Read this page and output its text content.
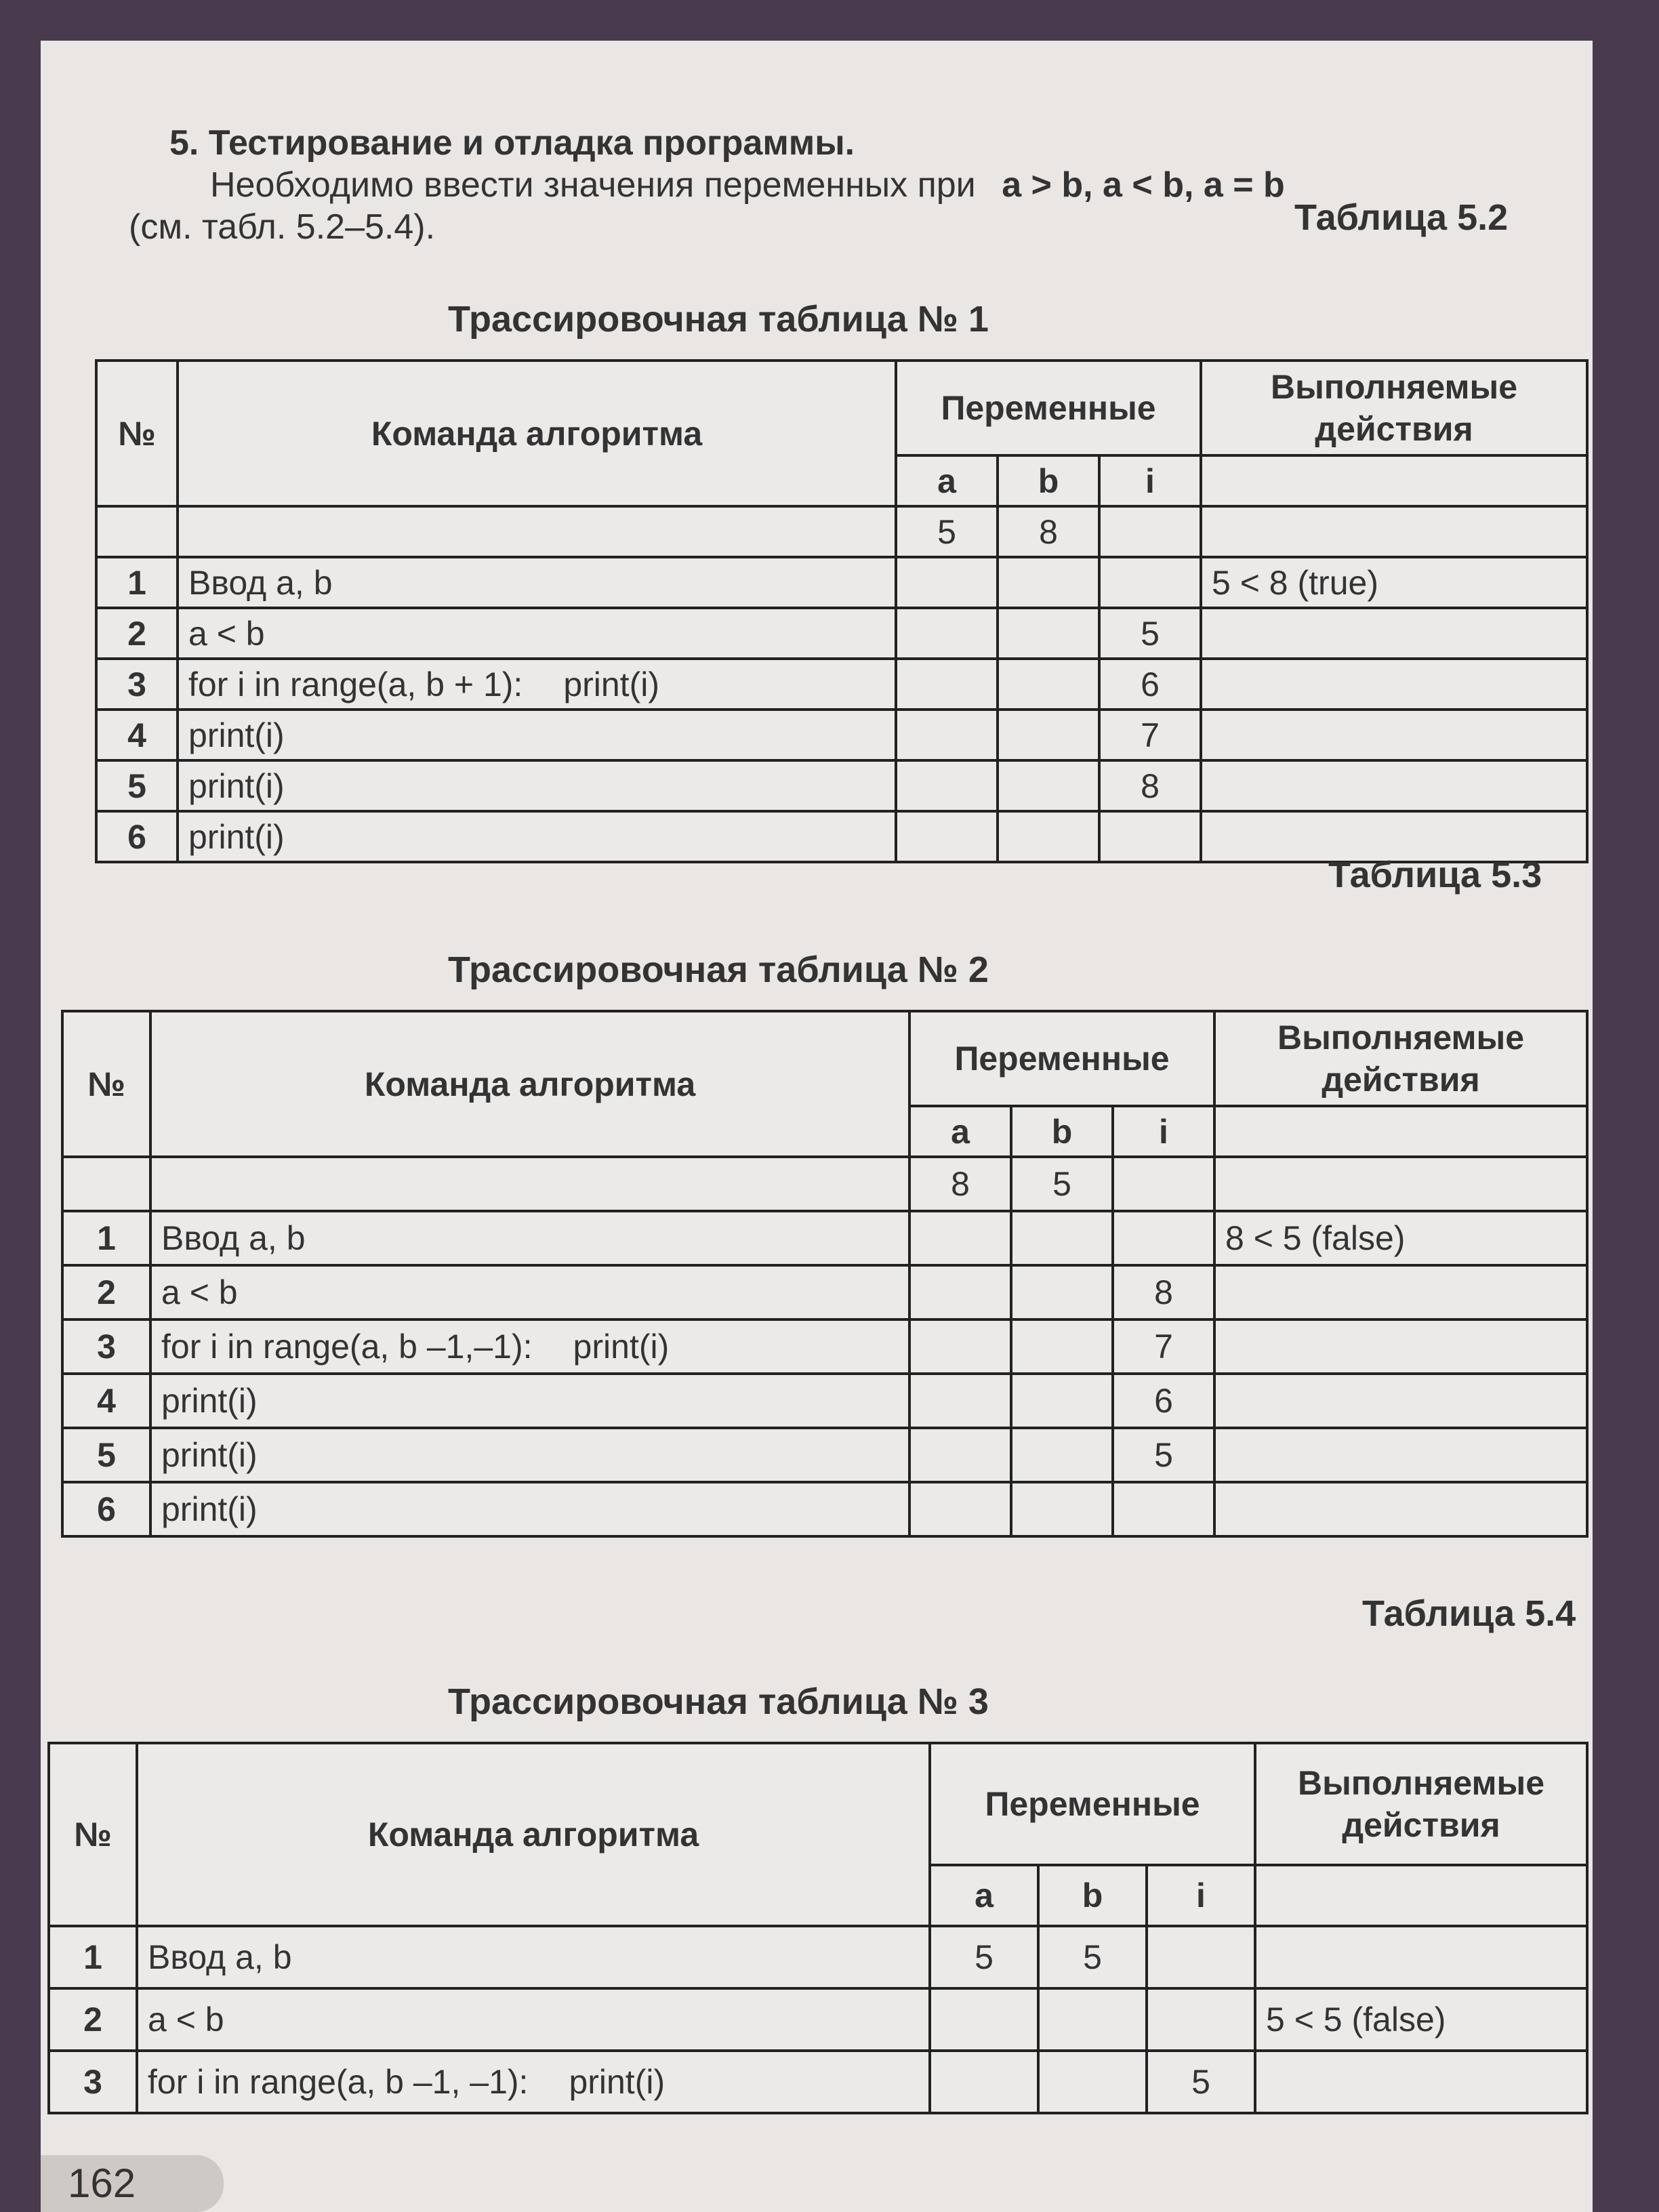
5. Тестирование и отладка программы.

Необходимо ввести значения переменных при a > b, a < b, a = b
(см. табл. 5.2–5.4).	Таблица 5.2
Трассировочная таблица № 1
№	Команда алгоритма	Переменные			Выполняемые действия
		a	b	i	
		5	8		
1	Ввод a, b				5 < 8 (true)
2	a < b			5	
3	for i in range(a, b + 1): print(i)			6	
4	print(i)			7	
5	print(i)			8	
6	print(i)				
Таблица 5.3
Трассировочная таблица № 2
№	Команда алгоритма	Переменные			Выполняемые действия
		a	b	i	
		8	5		
1	Ввод a, b				8 < 5 (false)
2	a < b			8	
3	for i in range(a, b –1,–1): print(i)			7	
4	print(i)			6	
5	print(i)			5	
6	print(i)				
Таблица 5.4
Трассировочная таблица № 3
№	Команда алгоритма	Переменные			Выполняемые действия
		a	b	i	
1	Ввод a, b	5	5		
2	a < b				5 < 5 (false)
3	for i in range(a, b –1, –1): print(i)			5	
162
